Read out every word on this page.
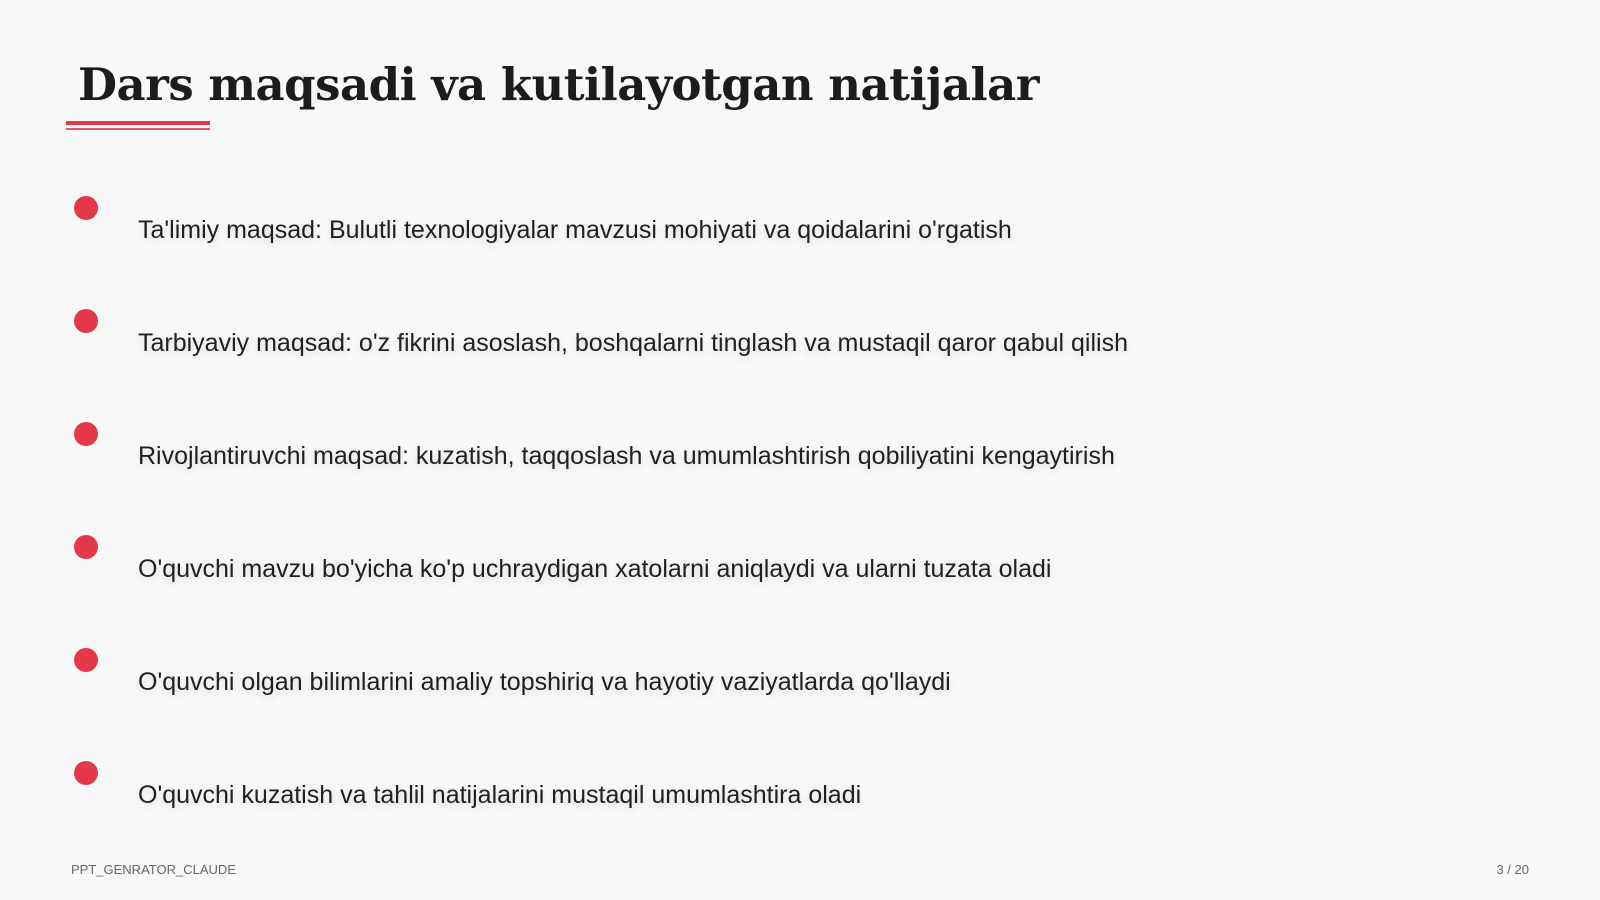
Dars maqsadi va kutilayotgan natijalar
Ta'limiy maqsad: Bulutli texnologiyalar mavzusi mohiyati va qoidalarini o'rgatish
Tarbiyaviy maqsad: o'z fikrini asoslash, boshqalarni tinglash va mustaqil qaror qabul qilish
Rivojlantiruvchi maqsad: kuzatish, taqqoslash va umumlashtirish qobiliyatini kengaytirish
O'quvchi mavzu bo'yicha ko'p uchraydigan xatolarni aniqlaydi va ularni tuzata oladi
O'quvchi olgan bilimlarini amaliy topshiriq va hayotiy vaziyatlarda qo'llaydi
O'quvchi kuzatish va tahlil natijalarini mustaqil umumlashtira oladi
PPT_GENRATOR_CLAUDE	3 / 20
